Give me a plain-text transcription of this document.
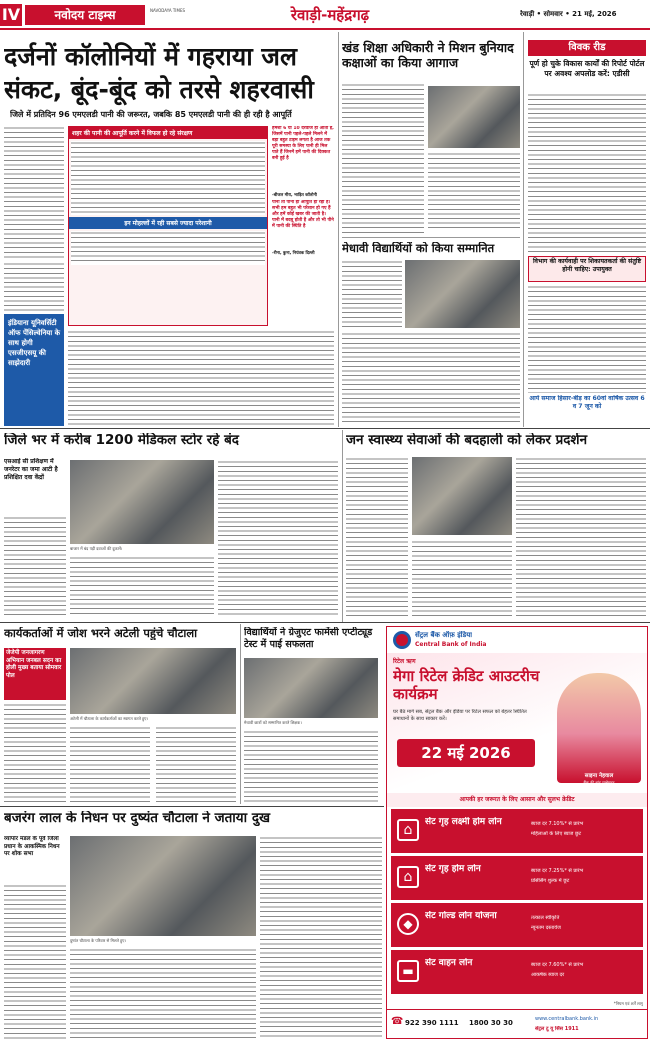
IV	नवोदय टाइम्स	NAVODAYA TIMES	रेवाड़ी-महेंद्रगढ़	रेवाड़ी • सोमवार • 21 मई, 2026
दर्जनों कॉलोनियों में गहराया जल संकट, बूंद-बूंद को तरसे शहरवासी
जिले में प्रतिदिन 96 एमएलडी पानी की जरूरत, जबकि 85 एमएलडी पानी की ही रही है आपूर्ति
शहर की पानी की आपूर्ति करने में विफल हो रहे संरक्षण
इन मोहल्लों में रही सबसे ज्यादा परेशानी
हमेशा 6 या 10 दरवाजे ही आता है, जिसमें पानी पहले-पहले मिलने में बड़ा बहुत टाइम लगता है आज तक पूरी समस्या के लिए पानी ही मिल पाते हैं जिनमें हमें पानी की दिक्कत बनी हुई है
-बीजल मीरा, भाड़ित कॉलोनी
पानी तो पानी ही आपूर्ति हो रही है। सभी हम बहुत भी परेशान हो गए हैं और हमें कोई खबर की जाती है। पानी में बदबू होती है और तो भी पीने में पानी की स्थिति है
-रीना, कुना, नियंत्रक दिल्ली
इंडियाना यूनिवर्सिटी ऑफ पेंसिल्वेनिया के साथ होगी एसजीएसयू की साझेदारी
खंड शिक्षा अधिकारी ने मिशन बुनियाद कक्षाओं का किया आगाज
मेधावी विद्यार्थियों को किया सम्मानित
विवक रीड
पूर्ण हो चुके विकास कार्यों की रिपोर्ट पोर्टल पर अवश्य अपलोड करें: एडीसी
विभाग की कार्यवाही पर शिकायतकर्ता की संतुष्टि होनी चाहिए: उपायुक्त
आर्य समाज हिसार-बीड़ का 60वां वार्षिक उत्सव 6 व 7 जून को
जिले भर में करीब 1200 मेडिकल स्टोर रहे बंद
एसआई सी प्रशिक्षण में जनरेटर का जमा आटी है प्रशिक्षित दवा केंद्रों
बाजार में बंद पड़ी दवाओं की दुकानें।
जन स्वास्थ्य सेवाओं की बदहाली को लेकर प्रदर्शन
कार्यकर्ताओं में जोश भरने अटेली पहुंचे चौटाला
जेजेपी जनजागरण अभियान जनबल सदन का होली मुख्य बताया सोमवार पोल
अटेली में चौटाला के कार्यकर्ताओं का स्वागत करते हुए।
विद्यार्थियों ने ग्रेजुएट फार्मेसी एप्टीट्यूड टेस्ट में पाई सफलता
मेधावी छात्रों को सम्मानित करते शिक्षक।
बजरंग लाल के निधन पर दुष्यंत चौटाला ने जताया दुख
व्यापार मंडल के पूर्व जिला प्रधान के आकस्मिक निधन पर शोक सभा
दुष्यंत चौटाला के परिवार से मिलते हुए।
सेंट्रल बैंक ऑफ़ इंडिया
Central Bank of India
रिटेल ऋण
मेगा रिटेल क्रेडिट आउटरीच कार्यक्रम
घर बैठे मार्ग सब, सेंट्रल बैंक और इंडिया पर रिटेल सफल को बेहतर स्थितित समाधानों के साथ साकार करें।
22 मई 2026
साइना नेहवाल
बैंक की ब्रांड एम्बेसडर
आपकी हर जरूरत के लिए आसान और सुलभ क्रेडिट
⌂	सेंट गृह लक्ष्मी होम लोन	ब्याज दर 7.10%* से प्रारंभ
महिलाओं के लिए ब्याज छूट
⌂	सेंट गृह होम लोन	ब्याज दर 7.25%* से प्रारंभ
प्रोसेसिंग शुल्क में छूट
◆
सेंट गोल्ड लोन योजना	तत्काल स्वीकृति
न्यूनतम दस्तावेज
▬
सेंट वाहन लोन	ब्याज दर 7.60%* से प्रारंभ
आकर्षक ब्याज दर
*नियम एवं शर्तें लागू
☎ 922 390 1111 1800 30 30	www.centralbank.bank.in
सेंट्रल टू यू सिंस 1911
